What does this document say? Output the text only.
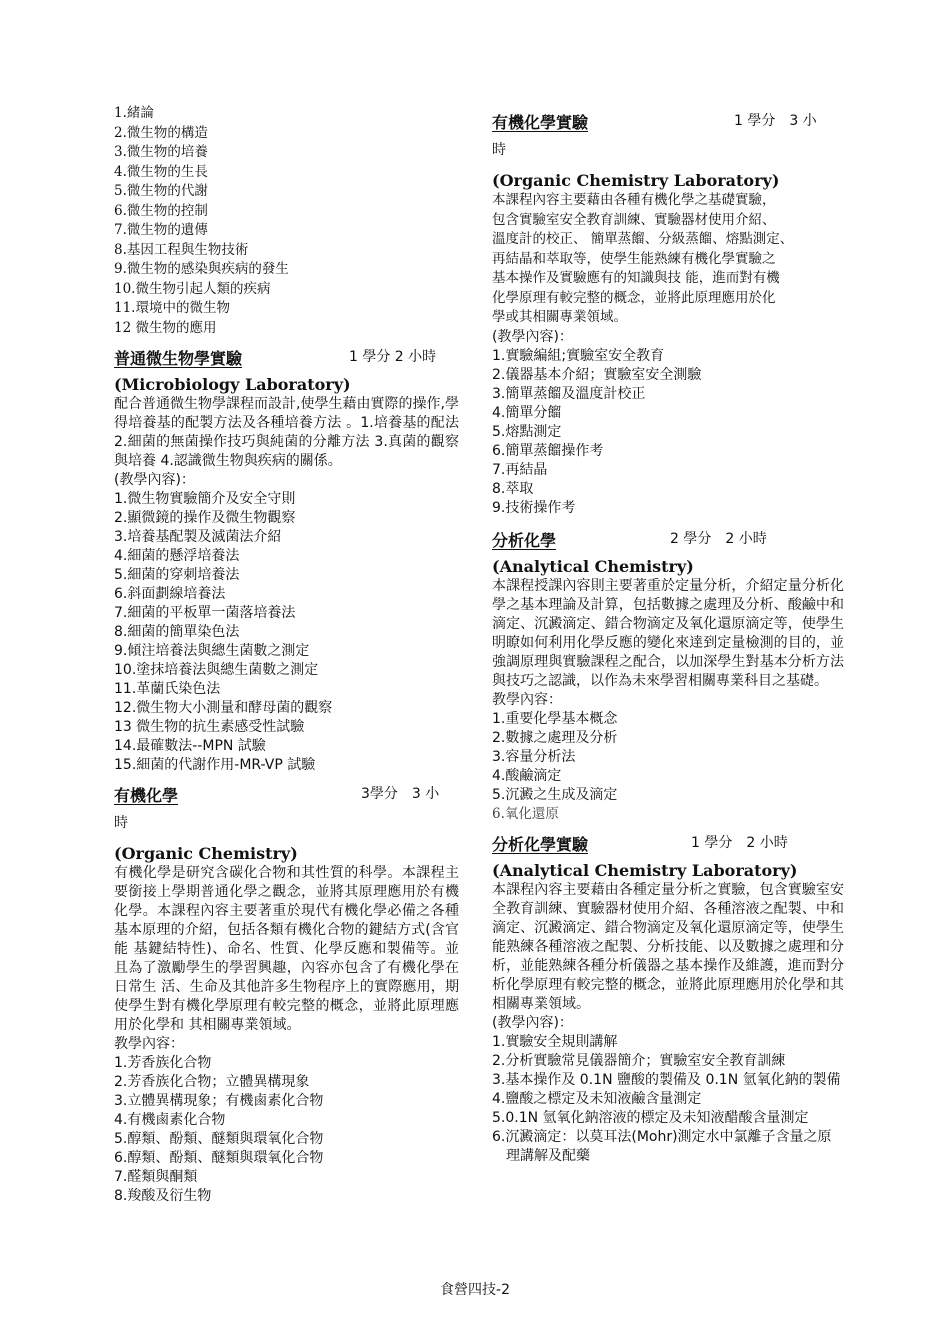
1.緒論
2.微生物的構造
3.微生物的培養
4.微生物的生長
5.微生物的代謝
6.微生物的控制
7.微生物的遺傳
8.基因工程與生物技術
9.微生物的感染與疾病的發生
10.微生物引起人類的疾病
11.環境中的微生物
12 微生物的應用
普通微生物學實驗	1 學分 2 小時
(Microbiology Laboratory)
配合普通微生物學課程而設計,使學生藉由實際的操作,學得培養基的配製方法及各種培養方法 。1.培養基的配法 2.細菌的無菌操作技巧與純菌的分離方法 3.真菌的觀察與培養 4.認識微生物與疾病的關係。
(教學內容)：
1.微生物實驗簡介及安全守則
2.顯微鏡的操作及微生物觀察
3.培養基配製及滅菌法介紹
4.細菌的懸浮培養法
5.細菌的穿刺培養法
6.斜面劃線培養法
7.細菌的平板單一菌落培養法
8.細菌的簡單染色法
9.傾注培養法與總生菌數之測定
10.塗抹培養法與總生菌數之測定
11.革蘭氏染色法
12.微生物大小測量和酵母菌的觀察
13 微生物的抗生素感受性試驗
14.最確數法--MPN 試驗
15.細菌的代謝作用-MR-VP 試驗
有機化學	3學分　3 小
時
(Organic Chemistry)
有機化學是研究含碳化合物和其性質的科學。本課程主要銜接上學期普通化學之觀念，並將其原理應用於有機　化學。本課程內容主要著重於現代有機化學必備之各種基本原理的介紹，包括各類有機化合物的鍵結方式(含官能 基鍵結特性)、命名、性質、化學反應和製備等。並且為了激勵學生的學習興趣，內容亦包含了有機化學在日常生 活、生命及其他許多生物程序上的實際應用，期使學生對有機化學原理有較完整的概念，並將此原理應用於化學和 其相關專業領域。
教學內容：
1.芳香族化合物
2.芳香族化合物；立體異構現象
3.立體異構現象；有機鹵素化合物
4.有機鹵素化合物
5.醇類、酚類、醚類與環氧化合物
6.醇類、酚類、醚類與環氧化合物
7.醛類與酮類
8.羧酸及衍生物
有機化學實驗	1 學分　3 小
時
(Organic Chemistry Laboratory)
本課程內容主要藉由各種有機化學之基礎實驗，
包含實驗室安全教育訓練、實驗器材使用介紹、
溫度計的校正、 簡單蒸餾、分級蒸餾、熔點測定、
再結晶和萃取等，使學生能熟練有機化學實驗之
基本操作及實驗應有的知識與技 能，進而對有機
化學原理有較完整的概念，並將此原理應用於化
學或其相關專業領域。
(教學內容)：
1.實驗編組;實驗室安全教育
2.儀器基本介紹；實驗室安全測驗
3.簡單蒸餾及溫度計校正
4.簡單分餾
5.熔點測定
6.簡單蒸餾操作考
7.再結晶
8.萃取
9.技術操作考
分析化學	2 學分　2 小時
(Analytical Chemistry)
本課程授課內容則主要著重於定量分析，介紹定量分析化學之基本理論及計算，包括數據之處理及分析、酸鹼中和滴定、沉澱滴定、錯合物滴定及氧化還原滴定等，使學生明瞭如何利用化學反應的變化來達到定量檢測的目的，並強調原理與實驗課程之配合，以加深學生對基本分析方法與技巧之認識，以作為未來學習相關專業科目之基礎。
教學內容：
1.重要化學基本概念
2.數據之處理及分析
3.容量分析法
4.酸鹼滴定
5.沉澱之生成及滴定
6.氧化還原
分析化學實驗	1 學分　2 小時
(Analytical Chemistry Laboratory)
本課程內容主要藉由各種定量分析之實驗，包含實驗室安全教育訓練、實驗器材使用介紹、各種溶液之配製、中和滴定、沉澱滴定、錯合物滴定及氧化還原滴定等，使學生能熟練各種溶液之配製、分析技能、以及數據之處理和分析，並能熟練各種分析儀器之基本操作及維護，進而對分析化學原理有較完整的概念，並將此原理應用於化學和其相關專業領域。
(教學內容)：
1.實驗安全規則講解
2.分析實驗常見儀器簡介；實驗室安全教育訓練
3.基本操作及 0.1N 鹽酸的製備及 0.1N 氫氧化鈉的製備
4.鹽酸之標定及未知液鹼含量測定
5.0.1N 氫氧化鈉溶液的標定及未知液醋酸含量測定
6.沉澱滴定：以莫耳法(Mohr)測定水中氯離子含量之原理講解及配藥
食營四技-2
